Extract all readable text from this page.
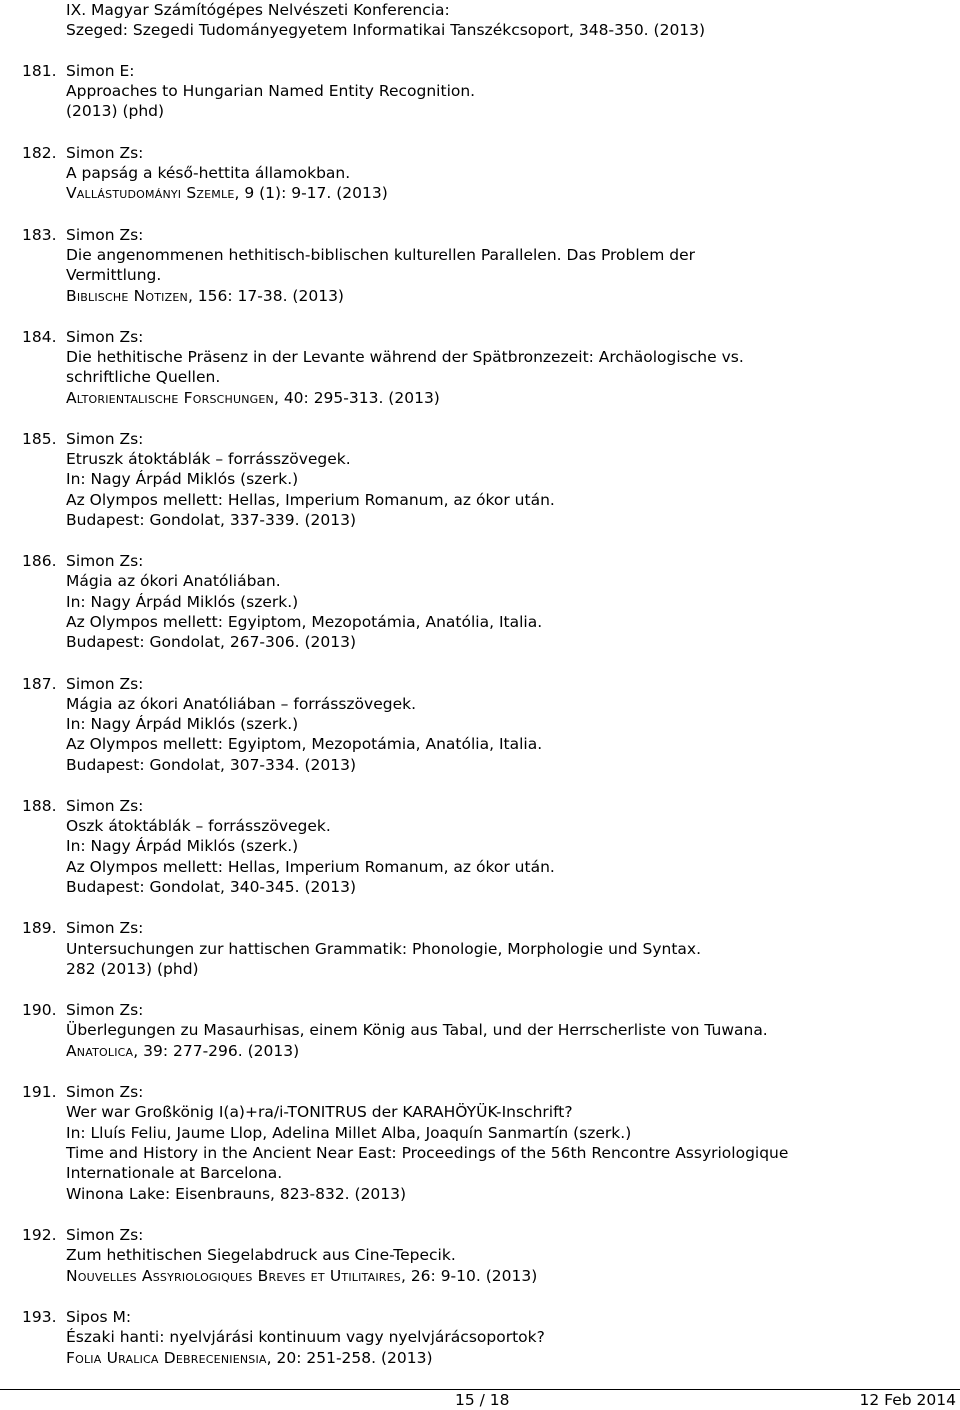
IX. Magyar Számítógépes Nelvészeti Konferencia:
Szeged: Szegedi Tudományegyetem Informatikai Tanszékcsoport, 348-350. (2013)
181. Simon E:
Approaches to Hungarian Named Entity Recognition.
(2013) (phd)
182. Simon Zs:
A papság a késő-hettita államokban.
Vallástudományi Szemle, 9 (1): 9-17. (2013)
183. Simon Zs:
Die angenommenen hethitisch-biblischen kulturellen Parallelen. Das Problem der
Vermittlung.
Biblische Notizen, 156: 17-38. (2013)
184. Simon Zs:
Die hethitische Präsenz in der Levante während der Spätbronzezeit: Archäologische vs.
schriftliche Quellen.
Altorientalische Forschungen, 40: 295-313. (2013)
185. Simon Zs:
Etruszk átoktáblák – forrásszövegek.
In: Nagy Árpád Miklós (szerk.)
Az Olympos mellett: Hellas, Imperium Romanum, az ókor után.
Budapest: Gondolat, 337-339. (2013)
186. Simon Zs:
Mágia az ókori Anatóliában.
In: Nagy Árpád Miklós (szerk.)
Az Olympos mellett: Egyiptom, Mezopotámia, Anatólia, Italia.
Budapest: Gondolat, 267-306. (2013)
187. Simon Zs:
Mágia az ókori Anatóliában – forrásszövegek.
In: Nagy Árpád Miklós (szerk.)
Az Olympos mellett: Egyiptom, Mezopotámia, Anatólia, Italia.
Budapest: Gondolat, 307-334. (2013)
188. Simon Zs:
Oszk átoktáblák – forrásszövegek.
In: Nagy Árpád Miklós (szerk.)
Az Olympos mellett: Hellas, Imperium Romanum, az ókor után.
Budapest: Gondolat, 340-345. (2013)
189. Simon Zs:
Untersuchungen zur hattischen Grammatik: Phonologie, Morphologie und Syntax.
282 (2013) (phd)
190. Simon Zs:
Überlegungen zu Masaurhisas, einem König aus Tabal, und der Herrscherliste von Tuwana.
Anatolica, 39: 277-296. (2013)
191. Simon Zs:
Wer war Großkönig I(a)+ra/i-TONITRUS der KARAHÖYÜK-Inschrift?
In: Lluís Feliu, Jaume Llop, Adelina Millet Alba, Joaquín Sanmartín (szerk.)
Time and History in the Ancient Near East: Proceedings of the 56th Rencontre Assyriologique
Internationale at Barcelona.
Winona Lake: Eisenbrauns, 823-832. (2013)
192. Simon Zs:
Zum hethitischen Siegelabdruck aus Cine-Tepecik.
Nouvelles Assyriologiques Breves et Utilitaires, 26: 9-10. (2013)
193. Sipos M:
Északi hanti: nyelvjárási kontinuum vagy nyelvjárácsoportok?
Folia Uralica Debreceniensia, 20: 251-258. (2013)
15 / 18	12 Feb 2014
